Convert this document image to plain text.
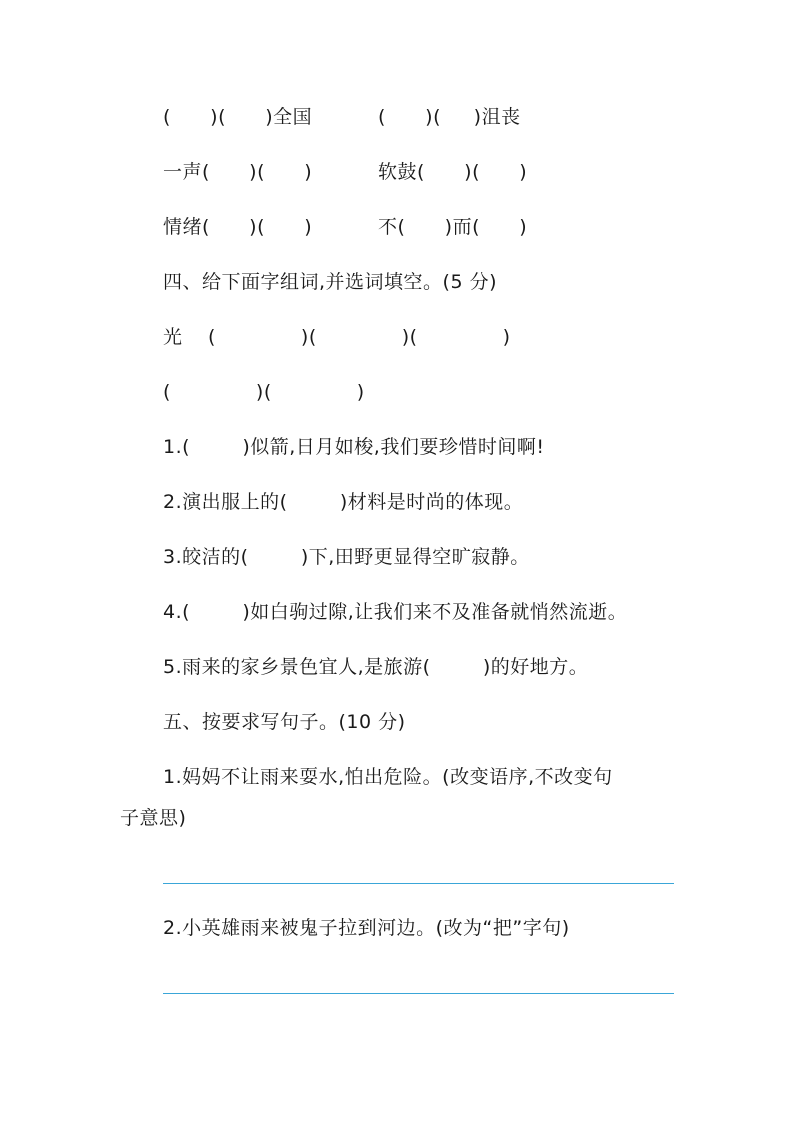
(      )(      )全国	(      )(     )沮丧
一声(      )(      )	软鼓(      )(      )
情绪(      )(      )	不(      )而(      )
四、给下面字组词,并选词填空。(5 分)
光 (             )(             )(             )
(             )(             )
1.(        )似箭,日月如梭,我们要珍惜时间啊!
2.演出服上的(        )材料是时尚的体现。
3.皎洁的(        )下,田野更显得空旷寂静。
4.(        )如白驹过隙,让我们来不及准备就悄然流逝。
5.雨来的家乡景色宜人,是旅游(        )的好地方。
五、按要求写句子。(10 分)
1.妈妈不让雨来耍水,怕出危险。(改变语序,不改变句
子意思)
2.小英雄雨来被鬼子拉到河边。(改为“把”字句)
